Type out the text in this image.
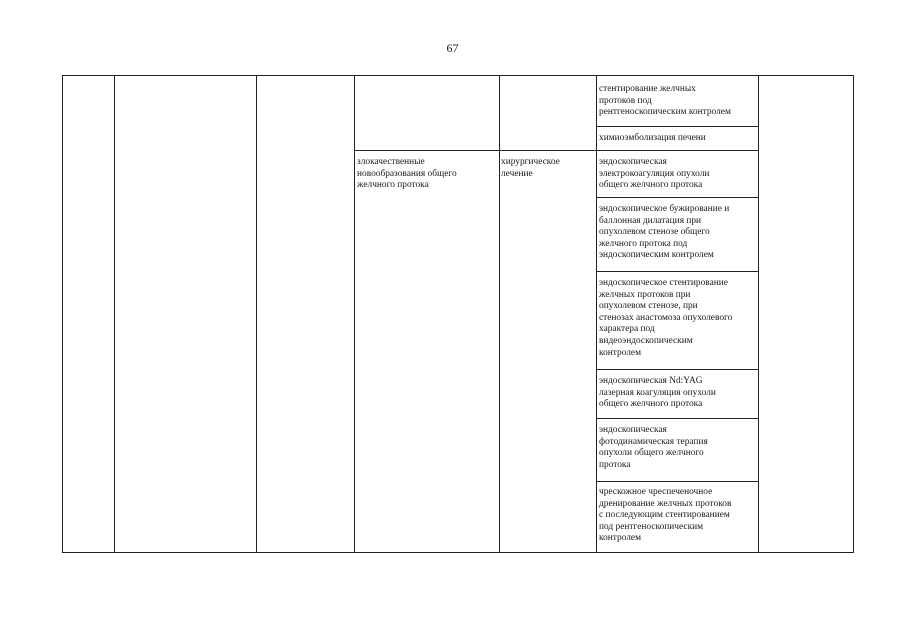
67
злокачественные
новообразования общего
желчного протока
хирургическое
лечение
стентирование желчных
протоков под
рентгеноскопическим контролем
химиоэмболизация печени
эндоскопическая
электрокоагуляция опухоли
общего желчного протока
эндоскопическое бужирование и
баллонная дилатация при
опухолевом стенозе общего
желчного протока под
эндоскопическим контролем
эндоскопическое стентирование
желчных протоков при
опухолевом стенозе, при
стенозах анастомоза опухолевого
характера под
видеоэндоскопическим
контролем
эндоскопическая Nd:YAG
лазерная коагуляция опухоли
общего желчного протока
эндоскопическая
фотодинамическая терапия
опухоли общего желчного
протока
чрескожное чреспеченочное
дренирование желчных протоков
с последующим стентированием
под рентгеноскопическим
контролем
